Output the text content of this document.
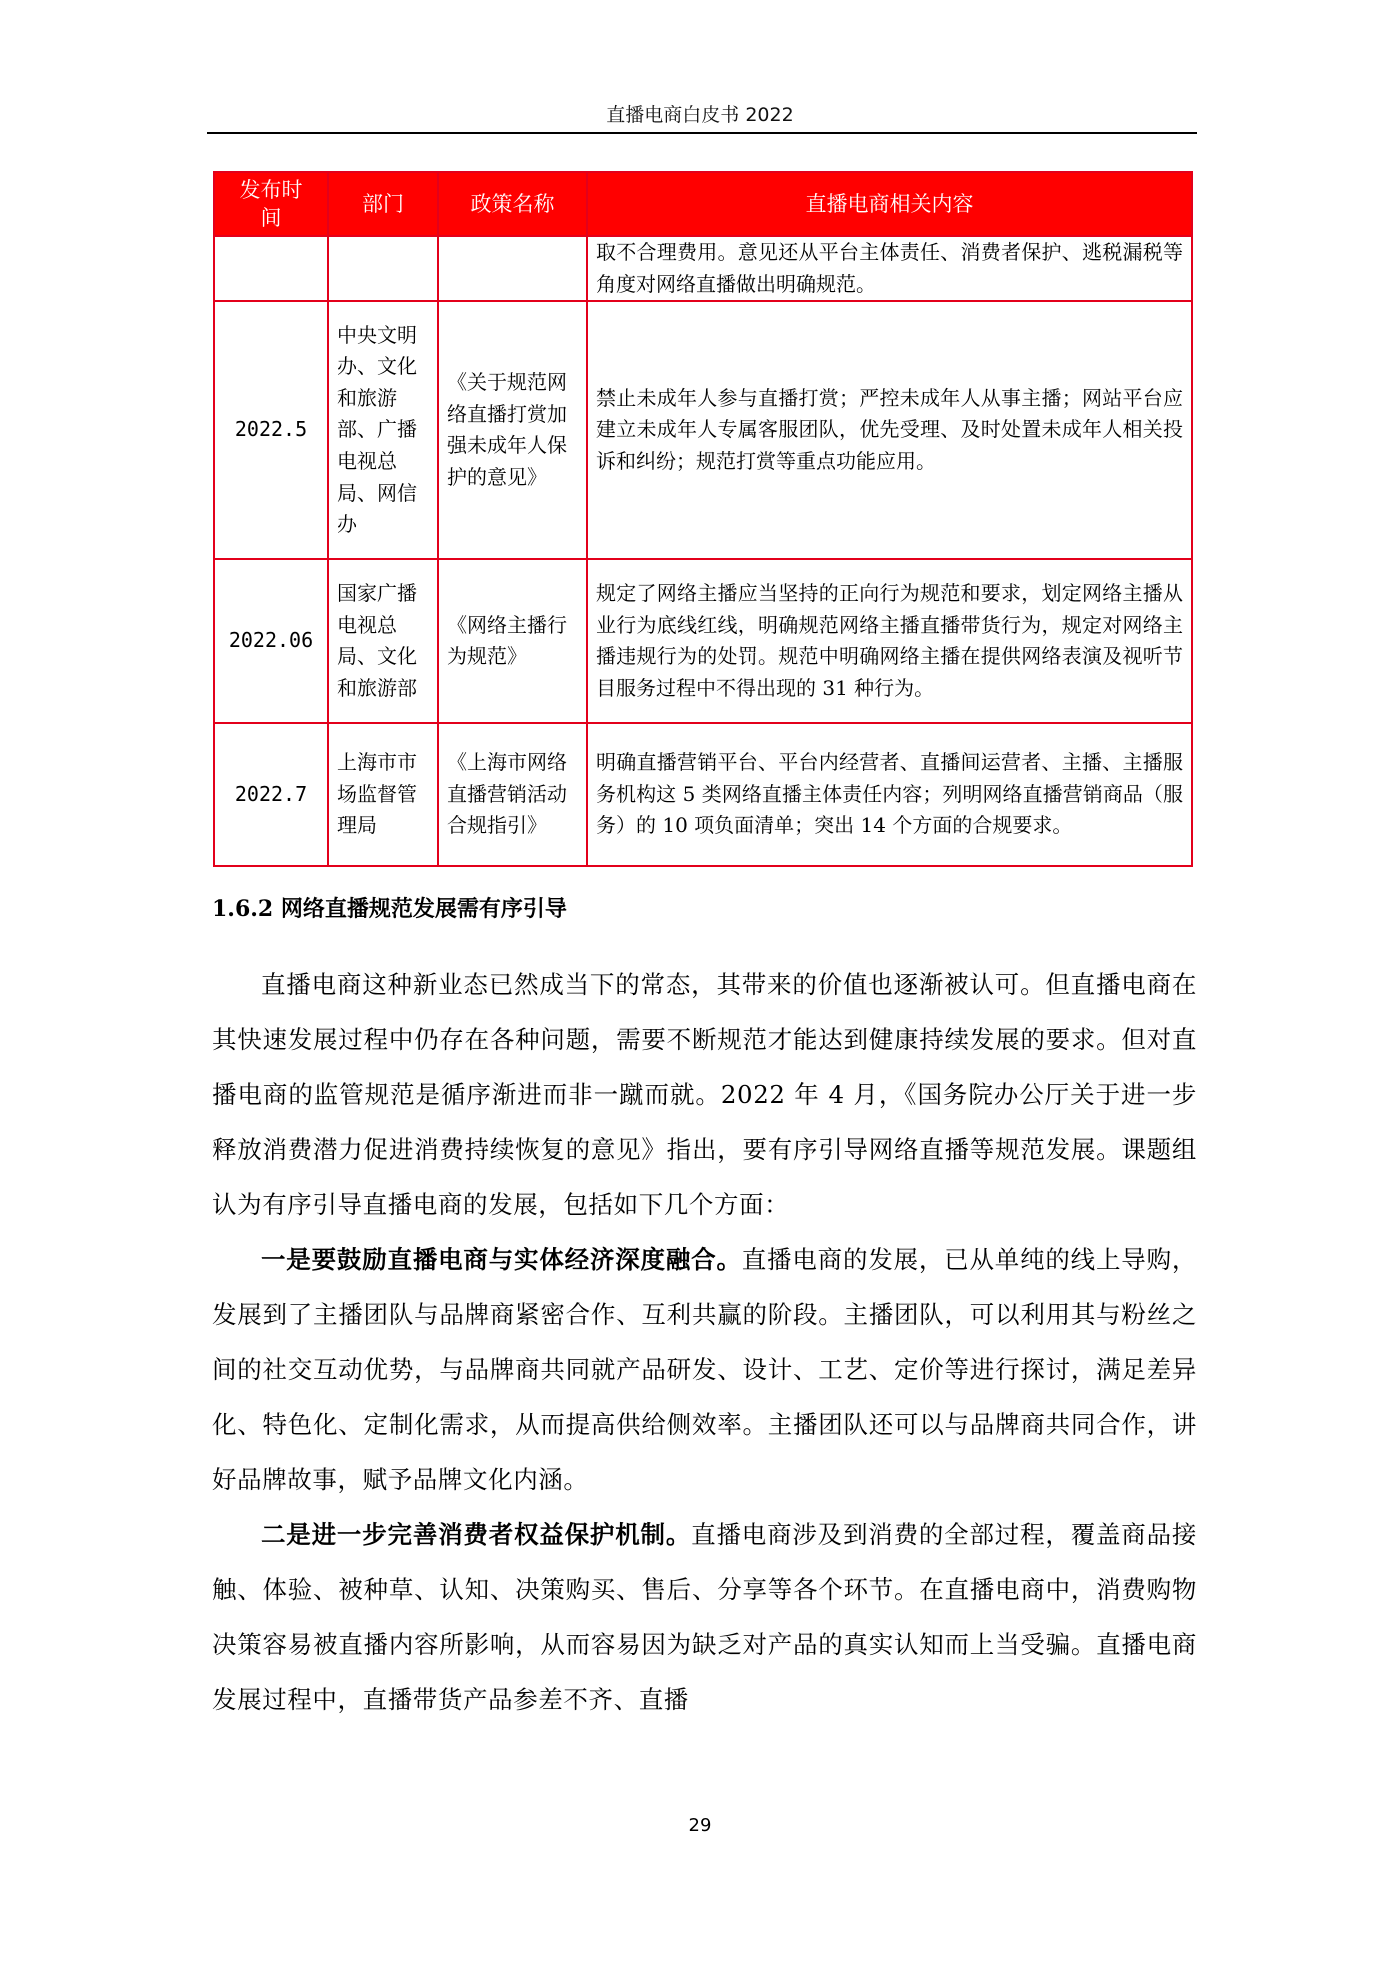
直播电商白皮书 2022
发布时间	部门	政策名称	直播电商相关内容

			取不合理费用。意见还从平台主体责任、消费者保护、逃税漏税等角度对网络直播做出明确规范。

2022.5	中央文明办、文化和旅游部、广播电视总局、网信办	《关于规范网络直播打赏加强未成年人保护的意见》	禁止未成年人参与直播打赏；严控未成年人从事主播；网站平台应建立未成年人专属客服团队，优先受理、及时处置未成年人相关投诉和纠纷；规范打赏等重点功能应用。

2022.06	国家广播电视总局、文化和旅游部	《网络主播行为规范》	规定了网络主播应当坚持的正向行为规范和要求，划定网络主播从业行为底线红线，明确规范网络主播直播带货行为，规定对网络主播违规行为的处罚。规范中明确网络主播在提供网络表演及视听节目服务过程中不得出现的 31 种行为。

2022.7	上海市市场监督管理局	《上海市网络直播营销活动合规指引》	明确直播营销平台、平台内经营者、直播间运营者、主播、主播服务机构这 5 类网络直播主体责任内容；列明网络直播营销商品（服务）的 10 项负面清单；突出 14 个方面的合规要求。
1.6.2 网络直播规范发展需有序引导

直播电商这种新业态已然成当下的常态，其带来的价值也逐渐被认可。但直播电商在其快速发展过程中仍存在各种问题，需要不断规范才能达到健康持续发展的要求。但对直播电商的监管规范是循序渐进而非一蹴而就。2022 年 4 月，《国务院办公厅关于进一步释放消费潜力促进消费持续恢复的意见》指出，要有序引导网络直播等规范发展。课题组认为有序引导直播电商的发展，包括如下几个方面：

一是要鼓励直播电商与实体经济深度融合。直播电商的发展，已从单纯的线上导购，发展到了主播团队与品牌商紧密合作、互利共赢的阶段。主播团队，可以利用其与粉丝之间的社交互动优势，与品牌商共同就产品研发、设计、工艺、定价等进行探讨，满足差异化、特色化、定制化需求，从而提高供给侧效率。主播团队还可以与品牌商共同合作，讲好品牌故事，赋予品牌文化内涵。

二是进一步完善消费者权益保护机制。直播电商涉及到消费的全部过程，覆盖商品接触、体验、被种草、认知、决策购买、售后、分享等各个环节。在直播电商中，消费购物决策容易被直播内容所影响，从而容易因为缺乏对产品的真实认知而上当受骗。直播电商发展过程中，直播带货产品参差不齐、直播

29
